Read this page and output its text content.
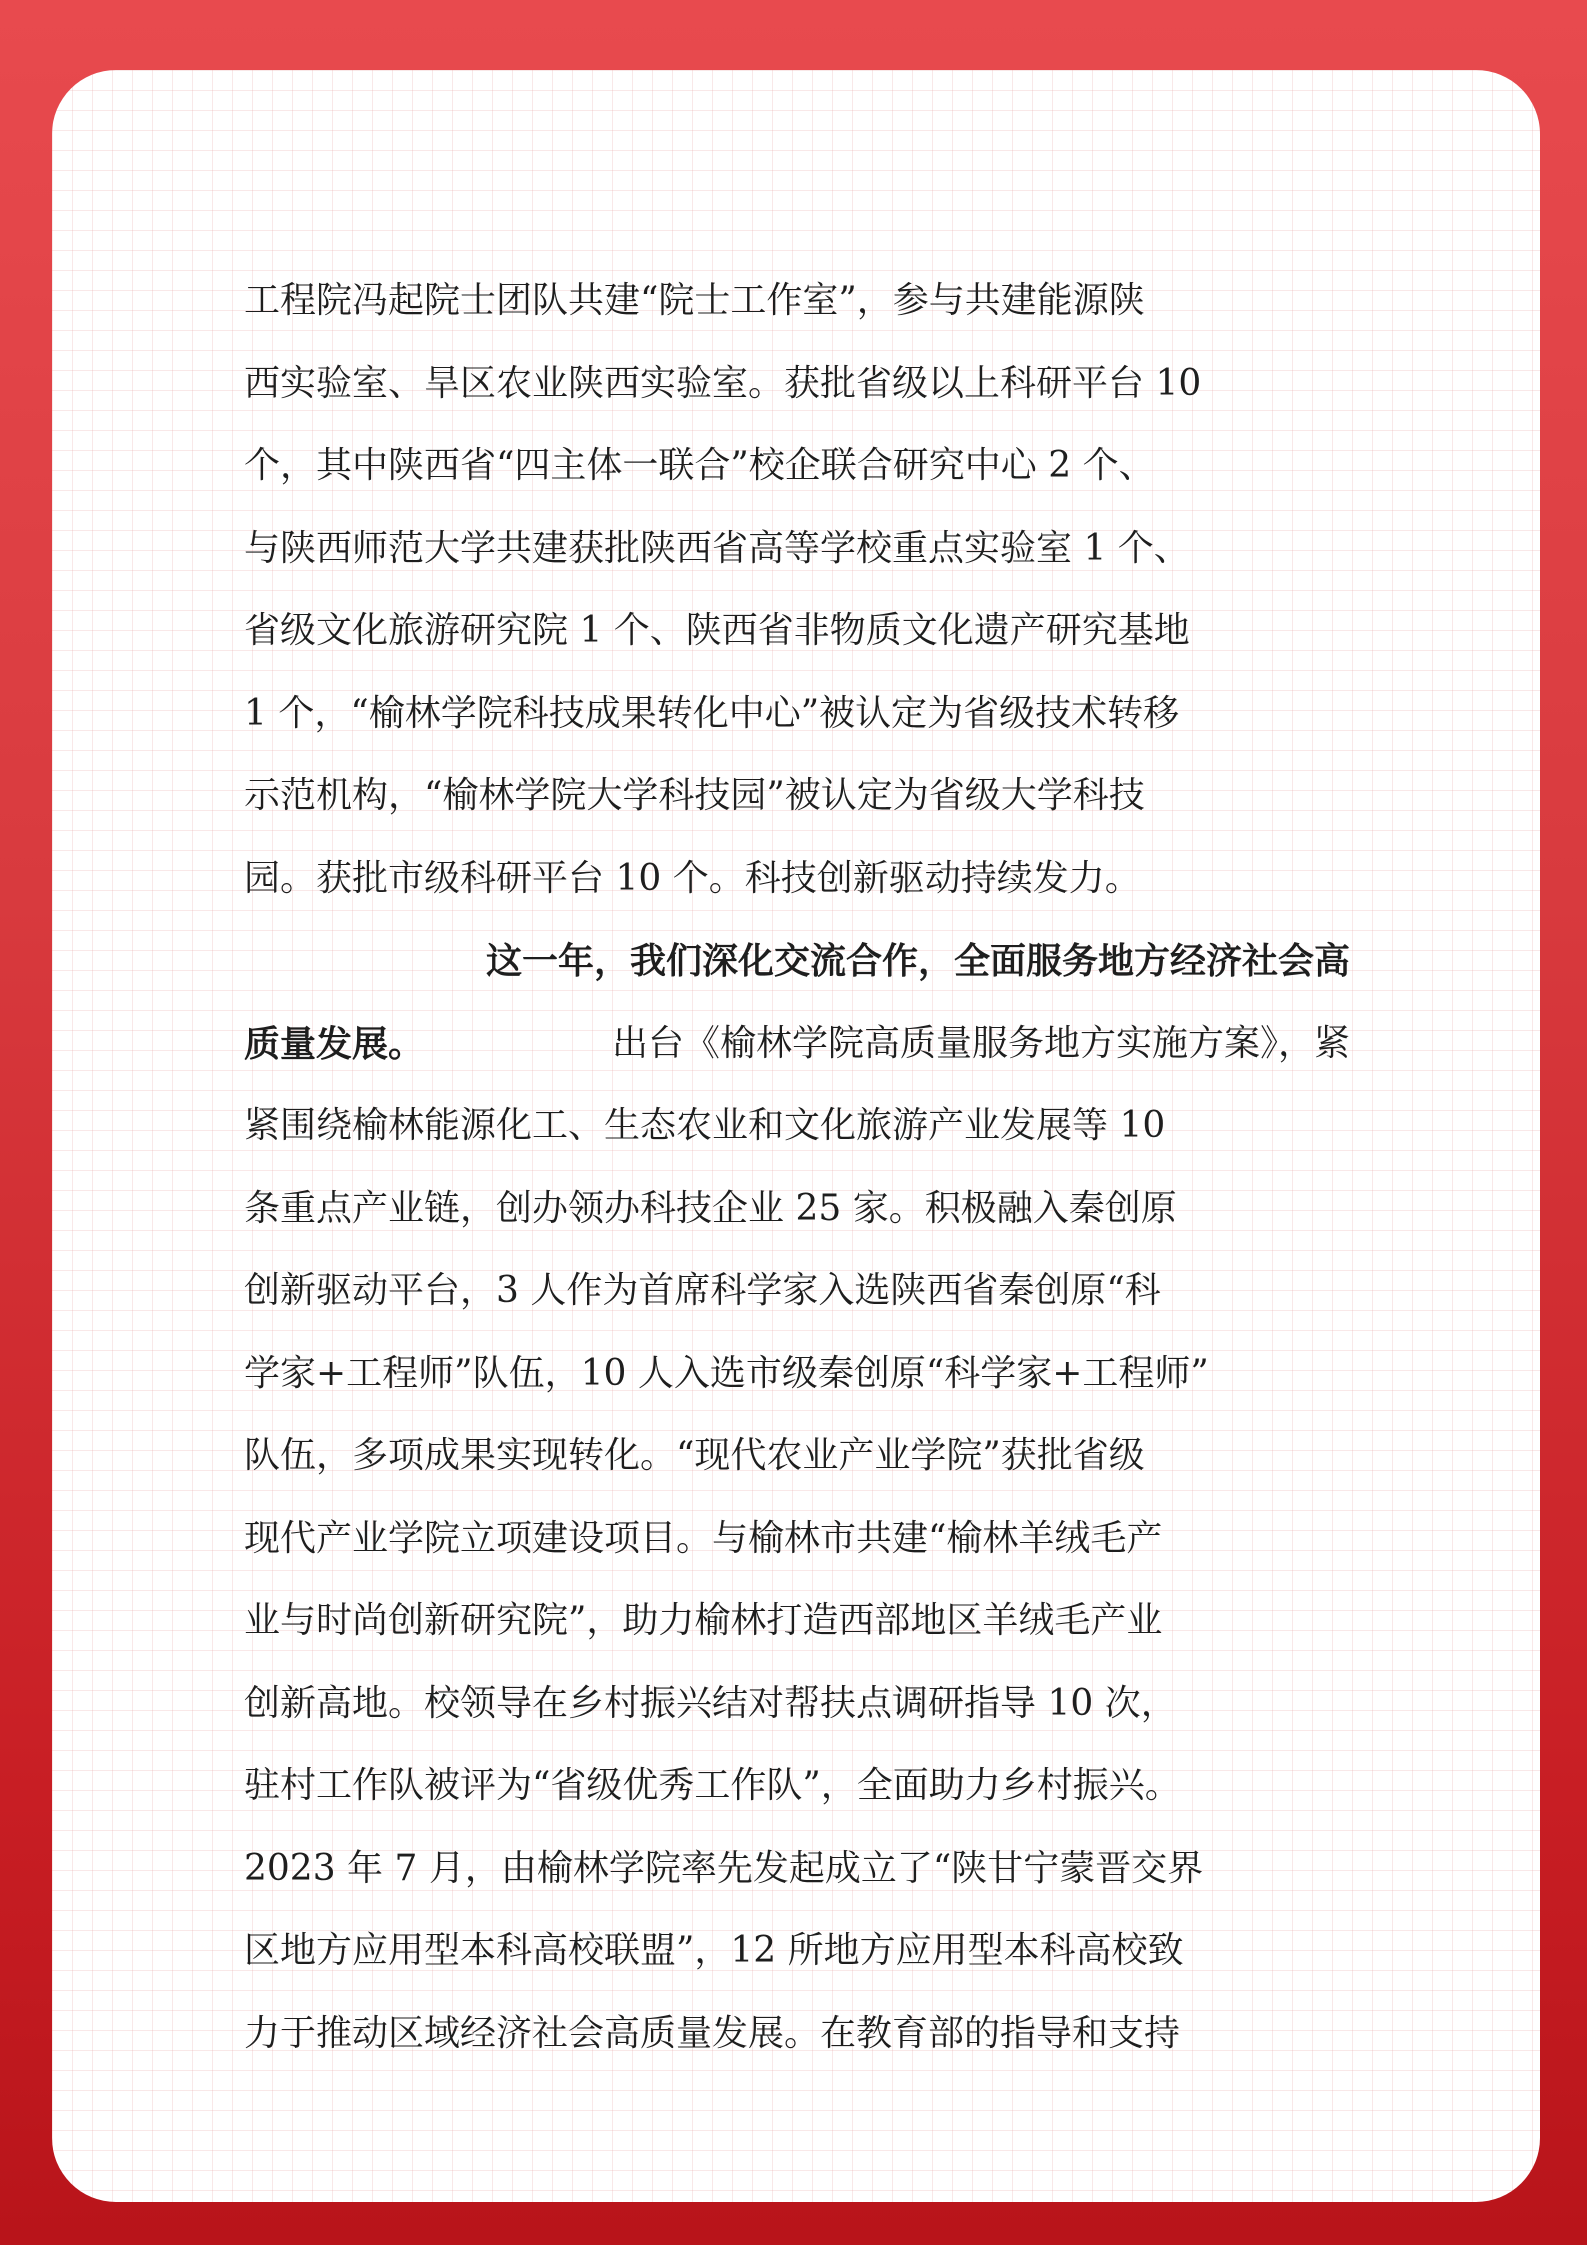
工程院冯起院士团队共建“院士工作室”，参与共建能源陕
西实验室、旱区农业陕西实验室。获批省级以上科研平台 10
个，其中陕西省“四主体一联合”校企联合研究中心 2 个、
与陕西师范大学共建获批陕西省高等学校重点实验室 1 个、
省级文化旅游研究院 1 个、陕西省非物质文化遗产研究基地
1 个，“榆林学院科技成果转化中心”被认定为省级技术转移
示范机构，“榆林学院大学科技园”被认定为省级大学科技
园。获批市级科研平台 10 个。科技创新驱动持续发力。
这一年，我们深化交流合作，全面服务地方经济社会高
质量发展。	出台《榆林学院高质量服务地方实施方案》，紧
紧围绕榆林能源化工、生态农业和文化旅游产业发展等 10
条重点产业链，创办领办科技企业 25 家。积极融入秦创原
创新驱动平台，3 人作为首席科学家入选陕西省秦创原“科
学家+工程师”队伍，10 人入选市级秦创原“科学家+工程师”
队伍，多项成果实现转化。“现代农业产业学院”获批省级
现代产业学院立项建设项目。与榆林市共建“榆林羊绒毛产
业与时尚创新研究院”，助力榆林打造西部地区羊绒毛产业
创新高地。校领导在乡村振兴结对帮扶点调研指导 10 次，
驻村工作队被评为“省级优秀工作队”，全面助力乡村振兴。
2023 年 7 月，由榆林学院率先发起成立了“陕甘宁蒙晋交界
区地方应用型本科高校联盟”，12 所地方应用型本科高校致
力于推动区域经济社会高质量发展。在教育部的指导和支持
